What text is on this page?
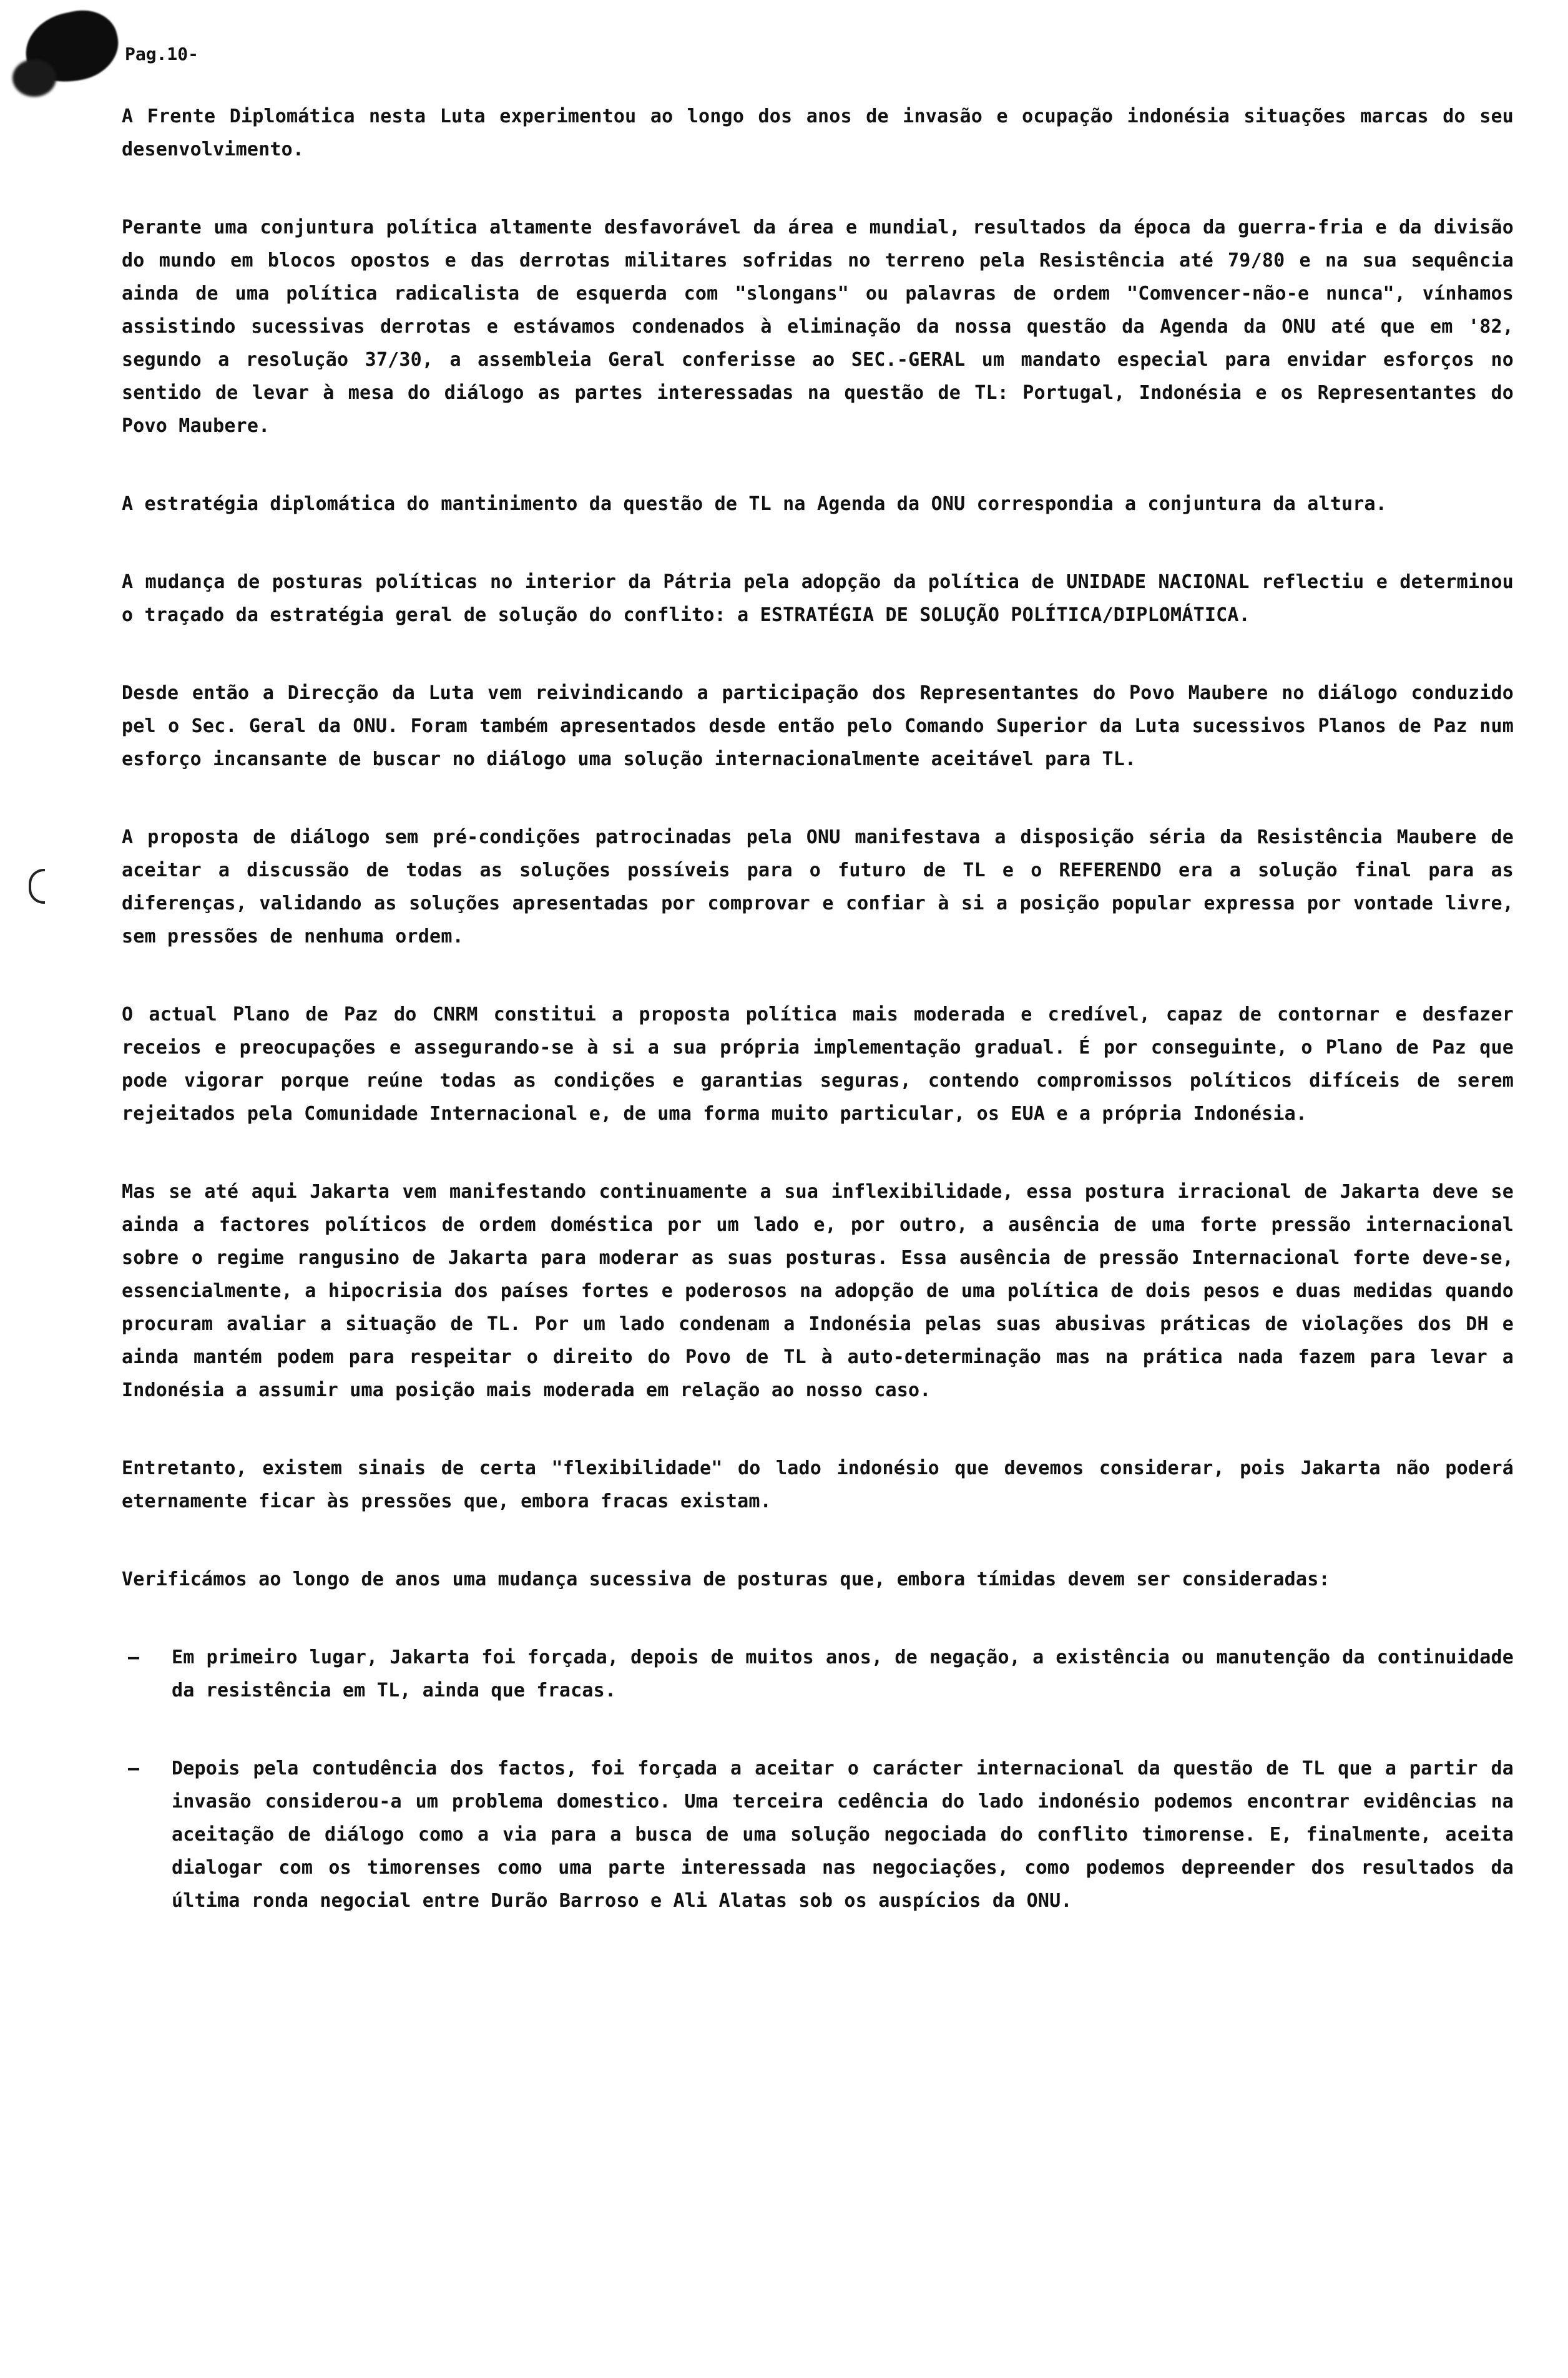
Pag.10-

A Frente Diplomática nesta Luta experimentou ao longo dos anos de invasão e ocupação indonésia situações marcas do seu desenvolvimento.

Perante uma conjuntura política altamente desfavorável da área e mundial, resultados da época da guerra-fria e da divisão do mundo em blocos opostos e das derrotas militares sofridas no terreno pela Resistência até 79/80 e na sua sequência ainda de uma política radicalista de esquerda com "slongans" ou palavras de ordem "Comvencer-não-e nunca", vínhamos assistindo sucessivas derrotas e estávamos condenados à eliminação da nossa questão da Agenda da ONU até que em '82, segundo a resolução 37/30, a assembleia Geral conferisse ao SEC.-GERAL um mandato especial para envidar esforços no sentido de levar à mesa do diálogo as partes interessadas na questão de TL: Portugal, Indonésia e os Representantes do Povo Maubere.

A estratégia diplomática do mantinimento da questão de TL na Agenda da ONU correspondia a conjuntura da altura.

A mudança de posturas políticas no interior da Pátria pela adopção da política de UNIDADE NACIONAL reflectiu e determinou o traçado da estratégia geral de solução do conflito: a ESTRATÉGIA DE SOLUÇÃO POLÍTICA/DIPLOMÁTICA.

Desde então a Direcção da Luta vem reivindicando a participação dos Representantes do Povo Maubere no diálogo conduzido pel o Sec. Geral da ONU. Foram também apresentados desde então pelo Comando Superior da Luta sucessivos Planos de Paz num esforço incansante de buscar no diálogo uma solução internacionalmente aceitável para TL.

A proposta de diálogo sem pré-condições patrocinadas pela ONU manifestava a disposição séria da Resistência Maubere de aceitar a discussão de todas as soluções possíveis para o futuro de TL e o REFERENDO era a solução final para as diferenças, validando as soluções apresentadas por comprovar e confiar à si a posição popular expressa por vontade livre, sem pressões de nenhuma ordem.

O actual Plano de Paz do CNRM constitui a proposta política mais moderada e credível, capaz de contornar e desfazer receios e preocupações e assegurando-se à si a sua própria implementação gradual. É por conseguinte, o Plano de Paz que pode vigorar porque reúne todas as condições e garantias seguras, contendo compromissos políticos difíceis de serem rejeitados pela Comunidade Internacional e, de uma forma muito particular, os EUA e a própria Indonésia.

Mas se até aqui Jakarta vem manifestando continuamente a sua inflexibilidade, essa postura irracional de Jakarta deve se ainda a factores políticos de ordem doméstica por um lado e, por outro, a ausência de uma forte pressão internacional sobre o regime rangusino de Jakarta para moderar as suas posturas. Essa ausência de pressão Internacional forte deve-se, essencialmente, a hipocrisia dos países fortes e poderosos na adopção de uma política de dois pesos e duas medidas quando procuram avaliar a situação de TL. Por um lado condenam a Indonésia pelas suas abusivas práticas de violações dos DH e ainda mantém podem para respeitar o direito do Povo de TL à auto-determinação mas na prática nada fazem para levar a Indonésia a assumir uma posição mais moderada em relação ao nosso caso.

Entretanto, existem sinais de certa "flexibilidade" do lado indonésio que devemos considerar, pois Jakarta não poderá eternamente ficar às pressões que, embora fracas existam.

Verificámos ao longo de anos uma mudança sucessiva de posturas que, embora tímidas devem ser consideradas:

— Em primeiro lugar, Jakarta foi forçada, depois de muitos anos, de negação, a existência ou manutenção da continuidade da resistência em TL, ainda que fracas.
— Depois pela contudência dos factos, foi forçada a aceitar o carácter internacional da questão de TL que a partir da invasão considerou-a um problema domestico. Uma terceira cedência do lado indonésio podemos encontrar evidências na aceitação de diálogo como a via para a busca de uma solução negociada do conflito timorense. E, finalmente, aceita dialogar com os timorenses como uma parte interessada nas negociações, como podemos depreender dos resultados da última ronda negocial entre Durão Barroso e Ali Alatas sob os auspícios da ONU.
